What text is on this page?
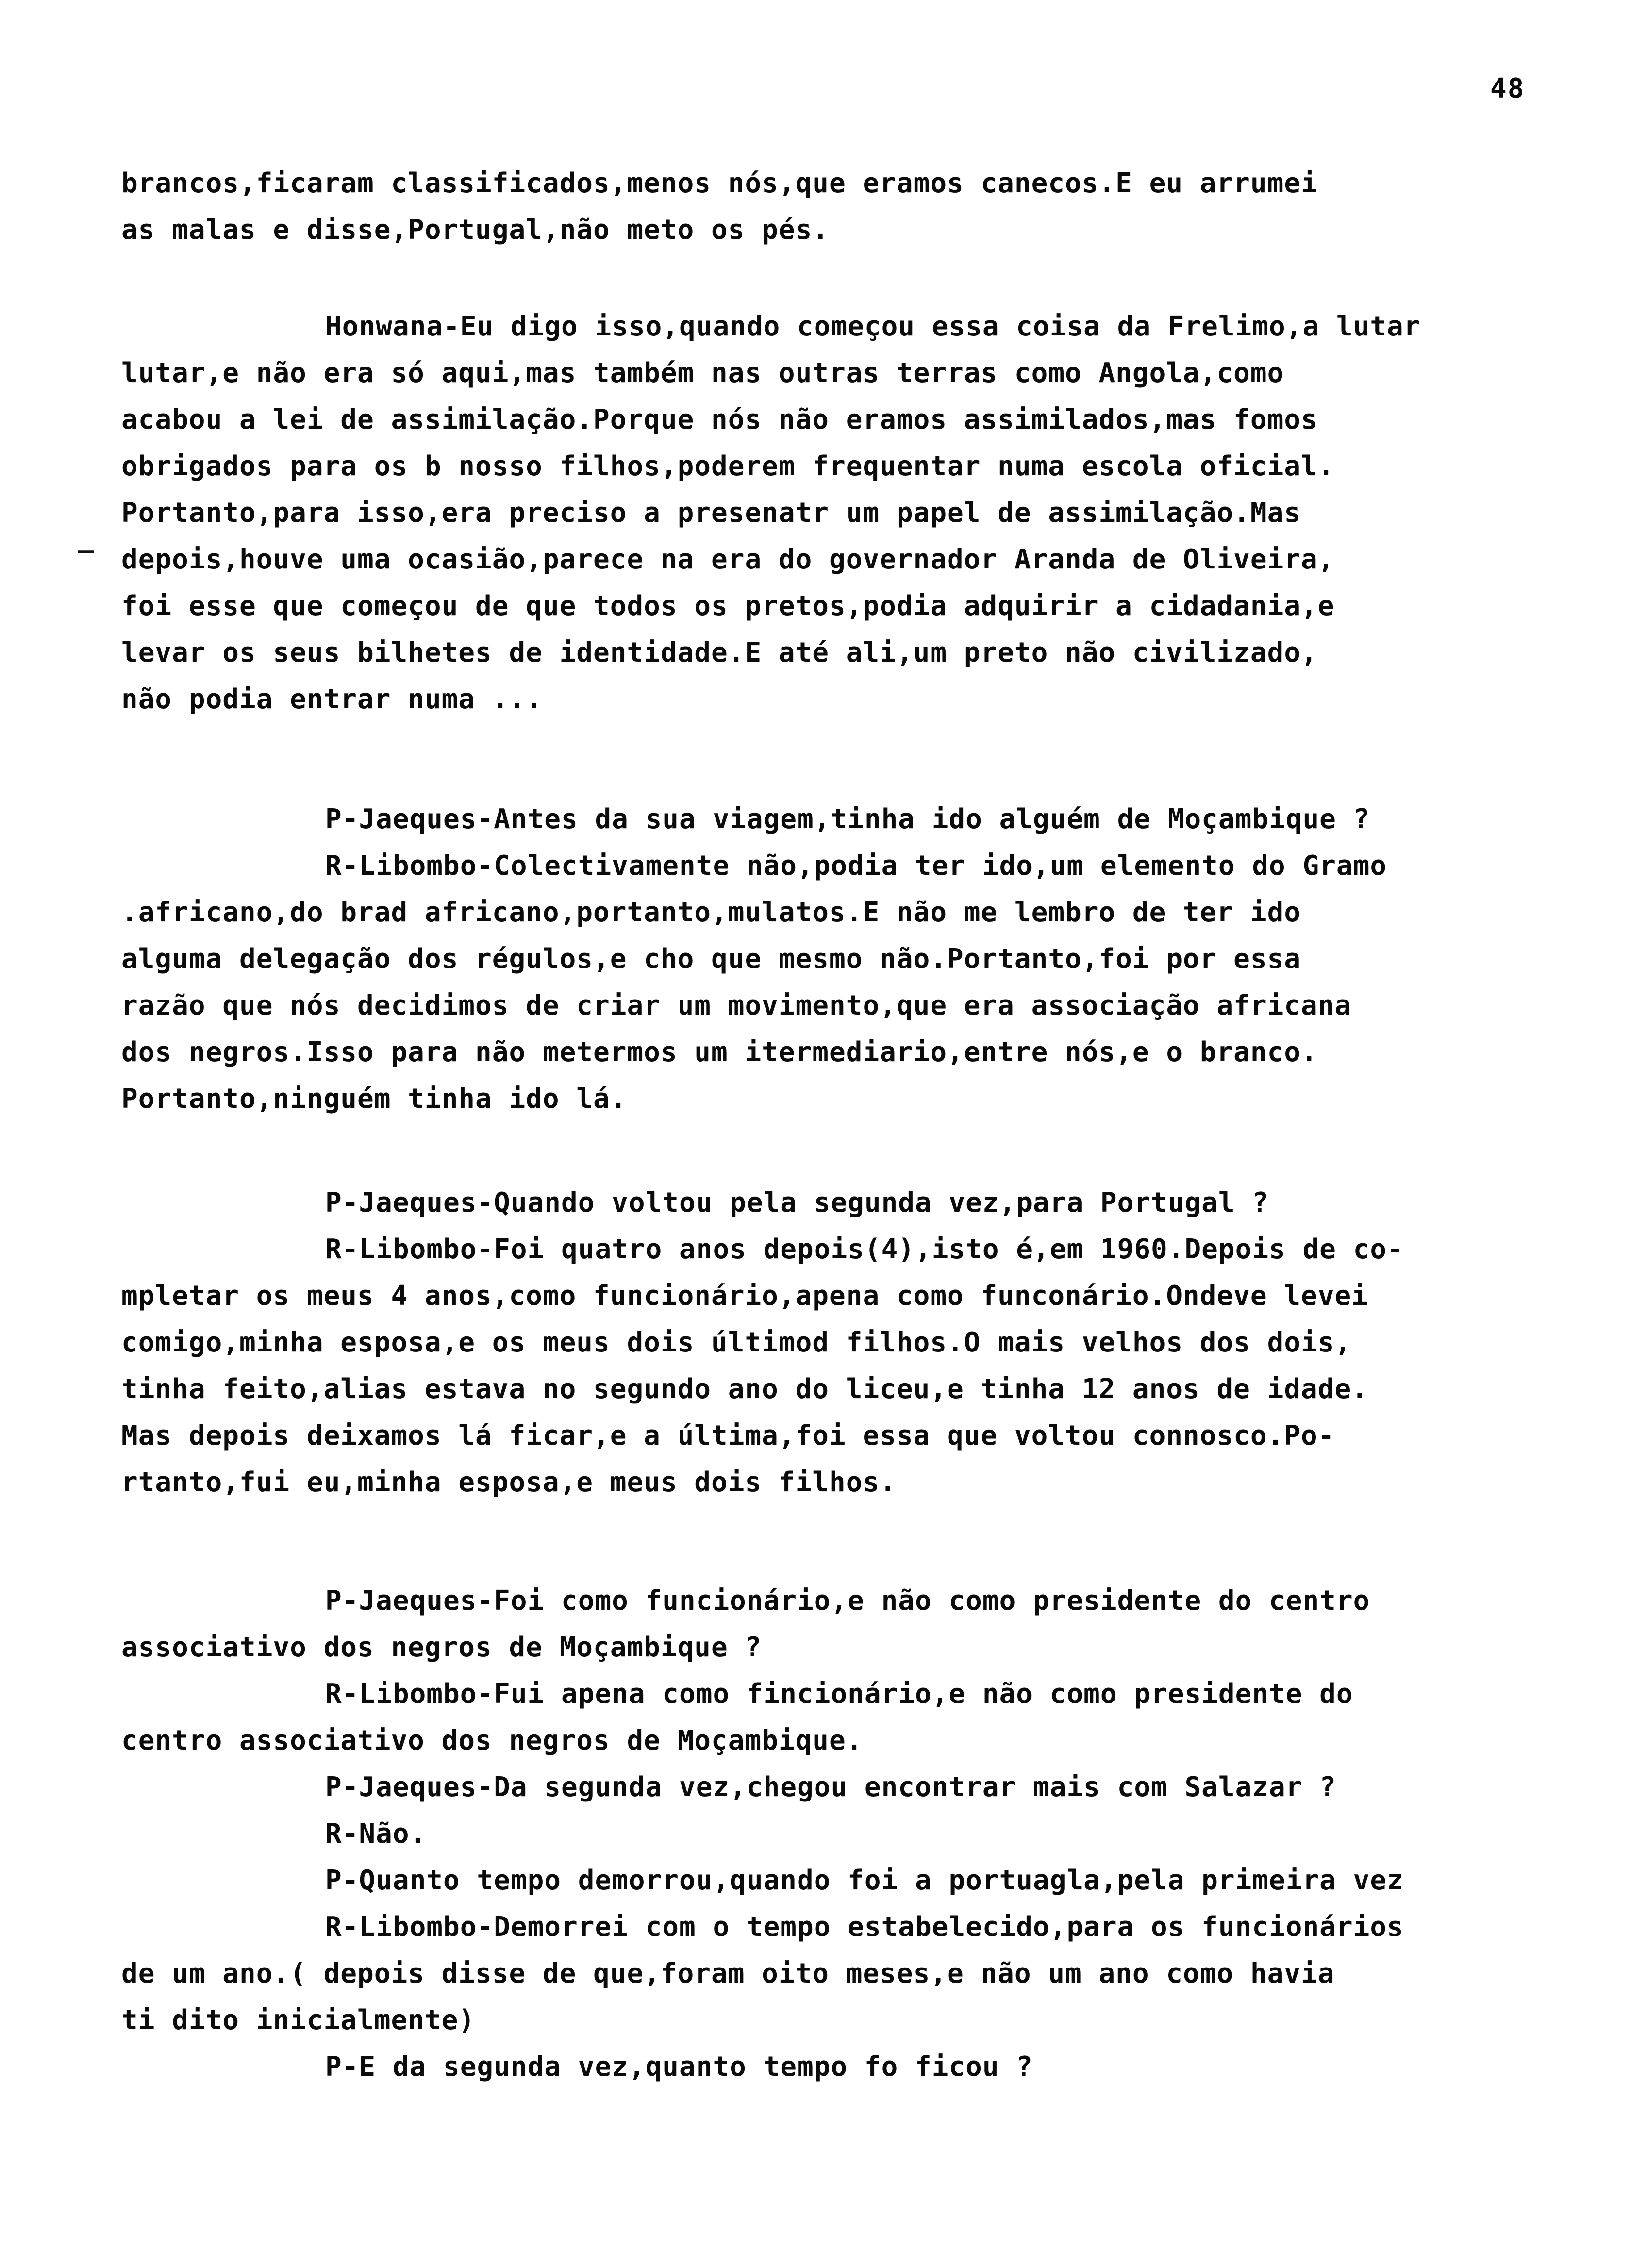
48
_
brancos,ficaram classificados,menos nós,que eramos canecos.E eu arrumei
as malas e disse,Portugal,não meto os pés.
Honwana-Eu digo isso,quando começou essa coisa da Frelimo,a lutar
lutar,e não era só aqui,mas também nas outras terras como Angola,como
acabou a lei de assimilação.Porque nós não eramos assimilados,mas fomos
obrigados para os b nosso filhos,poderem frequentar numa escola oficial.
Portanto,para isso,era preciso a presenatr um papel de assimilação.Mas
depois,houve uma ocasião,parece na era do governador Aranda de Oliveira,
foi esse que começou de que todos os pretos,podia adquirir a cidadania,e
levar os seus bilhetes de identidade.E até ali,um preto não civilizado,
não podia entrar numa ...
P-Jaeques-Antes da sua viagem,tinha ido alguém de Moçambique ?
R-Libombo-Colectivamente não,podia ter ido,um elemento do Gramo
.africano,do brad africano,portanto,mulatos.E não me lembro de ter ido
alguma delegação dos régulos,e cho que mesmo não.Portanto,foi por essa
razão que nós decidimos de criar um movimento,que era associação africana
dos negros.Isso para não metermos um itermediario,entre nós,e o branco.
Portanto,ninguém tinha ido lá.
P-Jaeques-Quando voltou pela segunda vez,para Portugal ?
R-Libombo-Foi quatro anos depois(4),isto é,em 1960.Depois de co-
mpletar os meus 4 anos,como funcionário,apena como funconário.Ondeve levei
comigo,minha esposa,e os meus dois últimod filhos.O mais velhos dos dois,
tinha feito,alias estava no segundo ano do liceu,e tinha 12 anos de idade.
Mas depois deixamos lá ficar,e a última,foi essa que voltou connosco.Po-
rtanto,fui eu,minha esposa,e meus dois filhos.
P-Jaeques-Foi como funcionário,e não como presidente do centro
associativo dos negros de Moçambique ?
R-Libombo-Fui apena como fincionário,e não como presidente do
centro associativo dos negros de Moçambique.
P-Jaeques-Da segunda vez,chegou encontrar mais com Salazar ?
R-Não.
P-Quanto tempo demorrou,quando foi a portuagla,pela primeira vez
R-Libombo-Demorrei com o tempo estabelecido,para os funcionários
de um ano.( depois disse de que,foram oito meses,e não um ano como havia
ti dito inicialmente)
P-E da segunda vez,quanto tempo fo ficou ?
